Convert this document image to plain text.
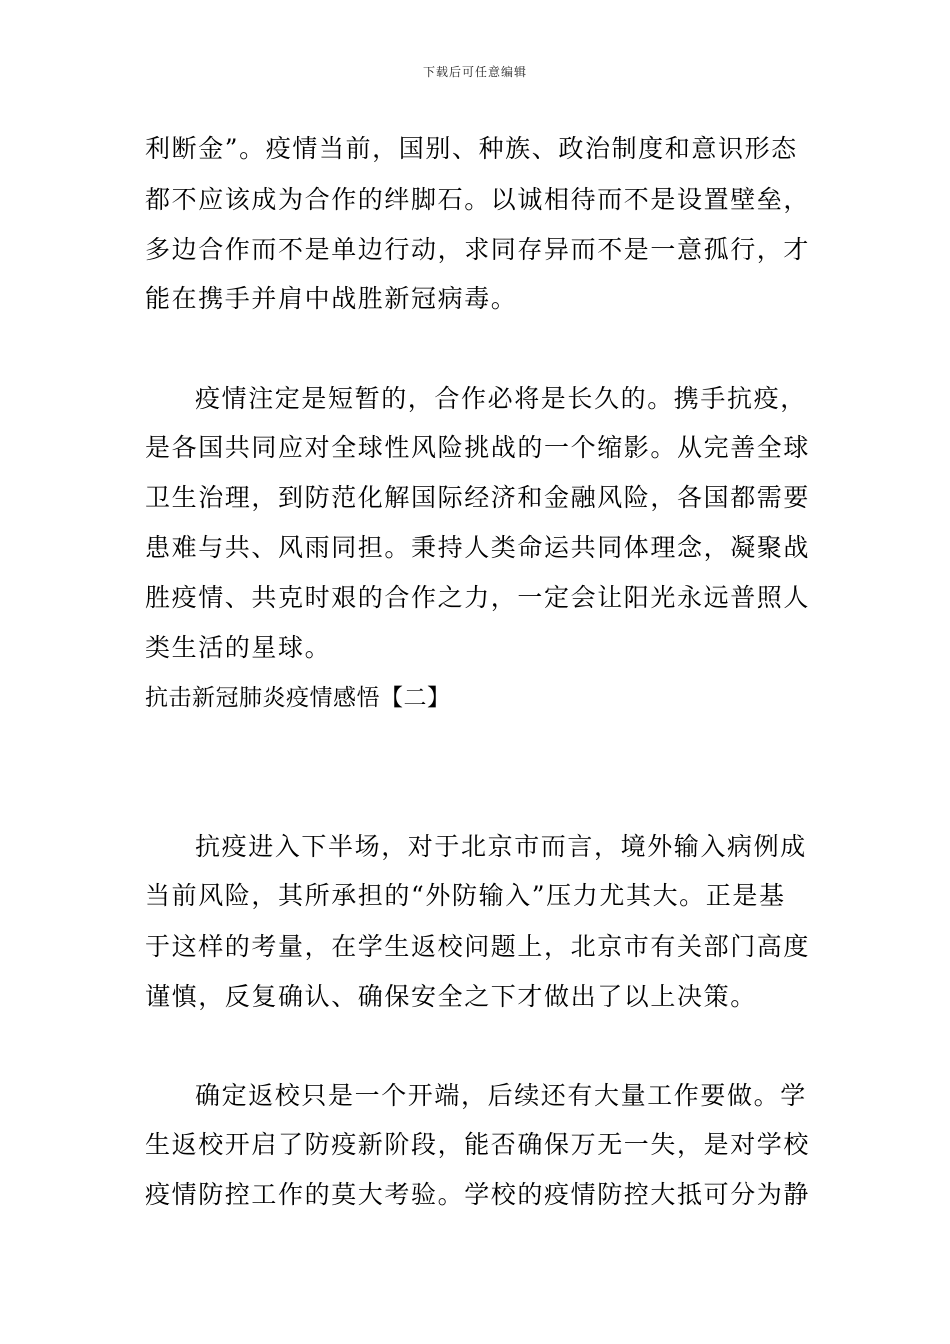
下载后可任意编辑
利断金”。疫情当前，国别、种族、政治制度和意识形态
都不应该成为合作的绊脚石。以诚相待而不是设置壁垒，
多边合作而不是单边行动，求同存异而不是一意孤行，才
能在携手并肩中战胜新冠病毒。
疫情注定是短暂的，合作必将是长久的。携手抗疫，
是各国共同应对全球性风险挑战的一个缩影。从完善全球
卫生治理，到防范化解国际经济和金融风险，各国都需要
患难与共、风雨同担。秉持人类命运共同体理念，凝聚战
胜疫情、共克时艰的合作之力，一定会让阳光永远普照人
类生活的星球。
抗击新冠肺炎疫情感悟【二】
抗疫进入下半场，对于北京市而言，境外输入病例成
当前风险，其所承担的“外防输入”压力尤其大。正是基
于这样的考量，在学生返校问题上，北京市有关部门高度
谨慎，反复确认、确保安全之下才做出了以上决策。
确定返校只是一个开端，后续还有大量工作要做。学
生返校开启了防疫新阶段，能否确保万无一失，是对学校
疫情防控工作的莫大考验。学校的疫情防控大抵可分为静
